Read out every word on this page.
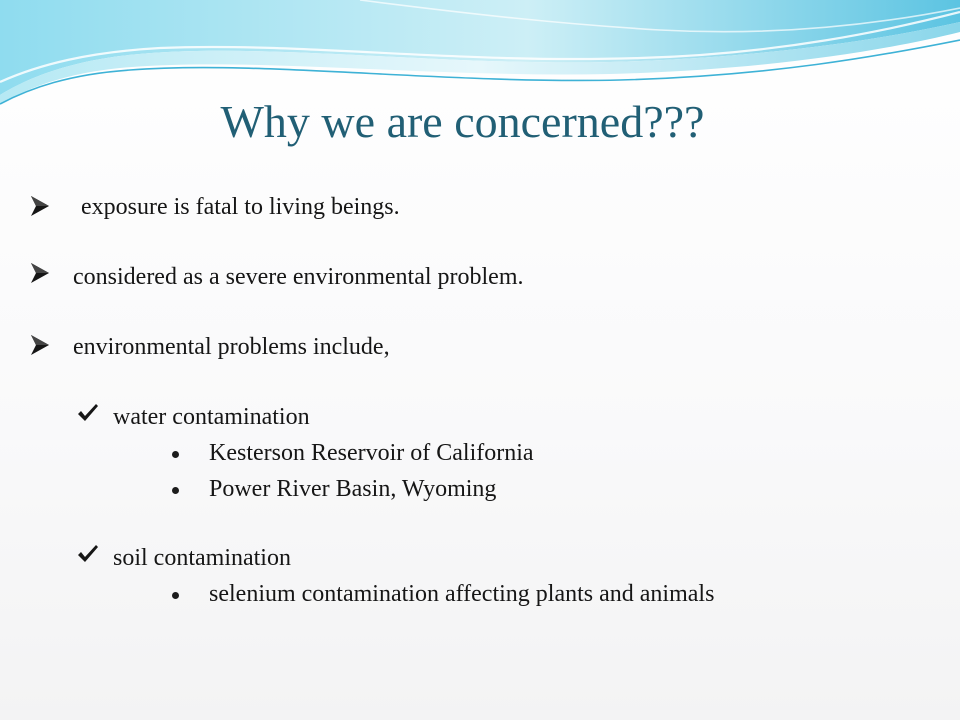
Why we are concerned???
exposure is fatal to living beings.
considered as a severe environmental problem.
environmental problems include,
water contamination
Kesterson Reservoir of California
Power River Basin, Wyoming
soil contamination
selenium contamination affecting plants and animals
